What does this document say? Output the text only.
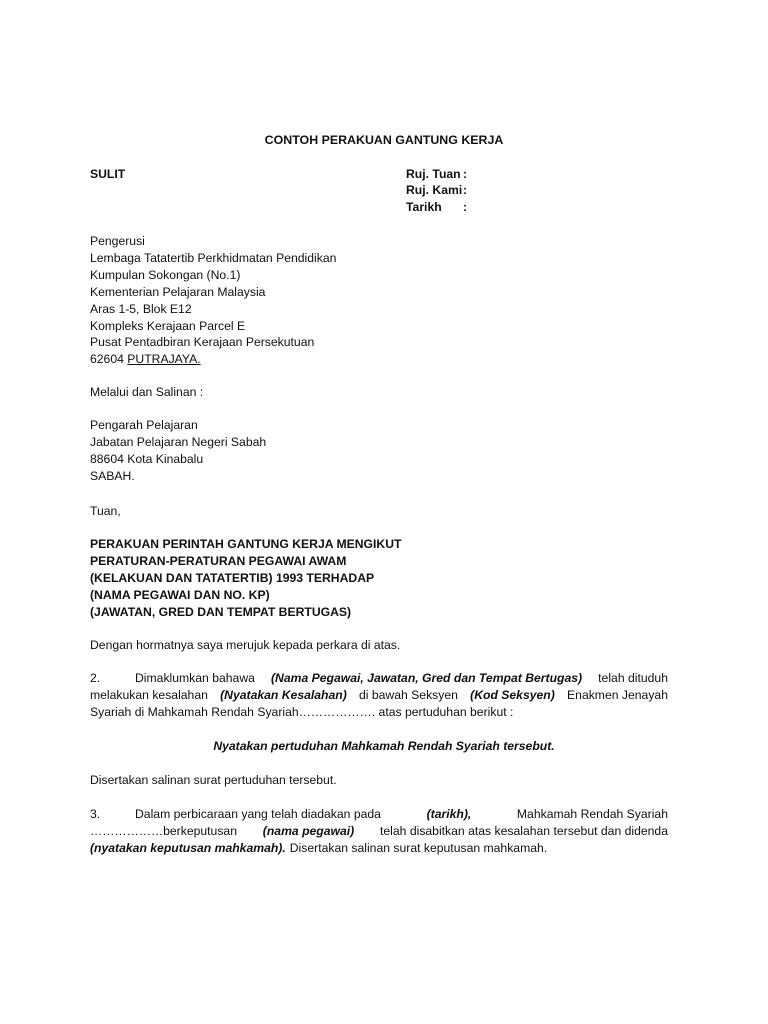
CONTOH PERAKUAN GANTUNG KERJA
SULIT	Ruj. Tuan :
Ruj. Kami:
Tarikh :
Pengerusi
Lembaga Tatatertib Perkhidmatan Pendidikan
Kumpulan Sokongan (No.1)
Kementerian Pelajaran Malaysia
Aras 1-5, Blok E12
Kompleks Kerajaan Parcel E
Pusat Pentadbiran Kerajaan Persekutuan
62604 PUTRAJAYA.
Melalui dan Salinan :
Pengarah Pelajaran
Jabatan Pelajaran Negeri Sabah
88604 Kota Kinabalu
SABAH.
Tuan,
PERAKUAN PERINTAH GANTUNG KERJA MENGIKUT
PERATURAN-PERATURAN PEGAWAI AWAM
(KELAKUAN DAN TATATERTIB) 1993 TERHADAP
(NAMA PEGAWAI DAN NO. KP)
(JAWATAN, GRED DAN TEMPAT BERTUGAS)
Dengan hormatnya saya merujuk kepada perkara di atas.
2.	Dimaklumkan bahawa (Nama Pegawai, Jawatan, Gred dan Tempat Bertugas) telah dituduh
melakukan kesalahan (Nyatakan Kesalahan) di bawah Seksyen (Kod Seksyen) Enakmen Jenayah
Syariah di Mahkamah Rendah Syariah………………. atas pertuduhan berikut :
Nyatakan pertuduhan Mahkamah Rendah Syariah tersebut.
Disertakan salinan surat pertuduhan tersebut.
3.	Dalam perbicaraan yang telah diadakan pada	(tarikh),	Mahkamah Rendah Syariah
………………berkeputusan (nama pegawai) telah disabitkan atas kesalahan tersebut dan didenda
(nyatakan keputusan mahkamah). Disertakan salinan surat keputusan mahkamah.
